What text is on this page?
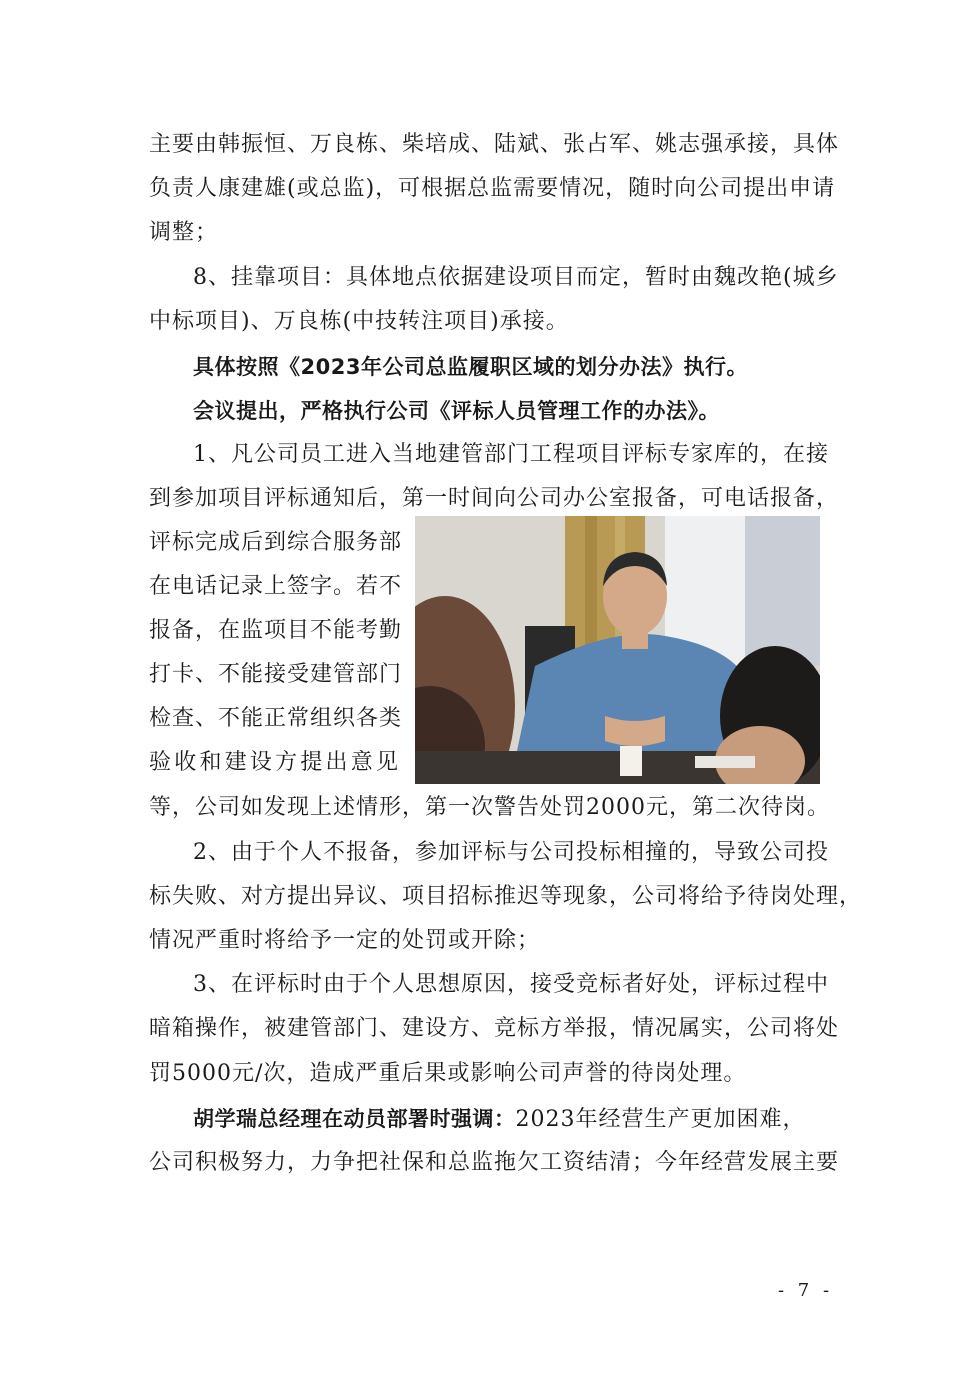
主要由韩振恒、万良栋、柴培成、陆斌、张占军、姚志强承接，具体
负责人康建雄(或总监)，可根据总监需要情况，随时向公司提出申请
调整；
8、挂靠项目：具体地点依据建设项目而定，暂时由魏改艳(城乡
中标项目)、万良栋(中技转注项目)承接。
具体按照《2023年公司总监履职区域的划分办法》执行。
会议提出，严格执行公司《评标人员管理工作的办法》。
1、凡公司员工进入当地建管部门工程项目评标专家库的，在接
到参加项目评标通知后，第一时间向公司办公室报备，可电话报备，
评标完成后到综合服务部
在电话记录上签字。若不
报备，在监项目不能考勤
打卡、不能接受建管部门
检查、不能正常组织各类
验收和建设方提出意见
等，公司如发现上述情形，第一次警告处罚2000元，第二次待岗。
2、由于个人不报备，参加评标与公司投标相撞的，导致公司投
标失败、对方提出异议、项目招标推迟等现象，公司将给予待岗处理，
情况严重时将给予一定的处罚或开除；
3、在评标时由于个人思想原因，接受竞标者好处，评标过程中
暗箱操作，被建管部门、建设方、竞标方举报，情况属实，公司将处
罚5000元/次，造成严重后果或影响公司声誉的待岗处理。
胡学瑞总经理在动员部署时强调：2023年经营生产更加困难，
公司积极努力，力争把社保和总监拖欠工资结清；今年经营发展主要
- 7 -
